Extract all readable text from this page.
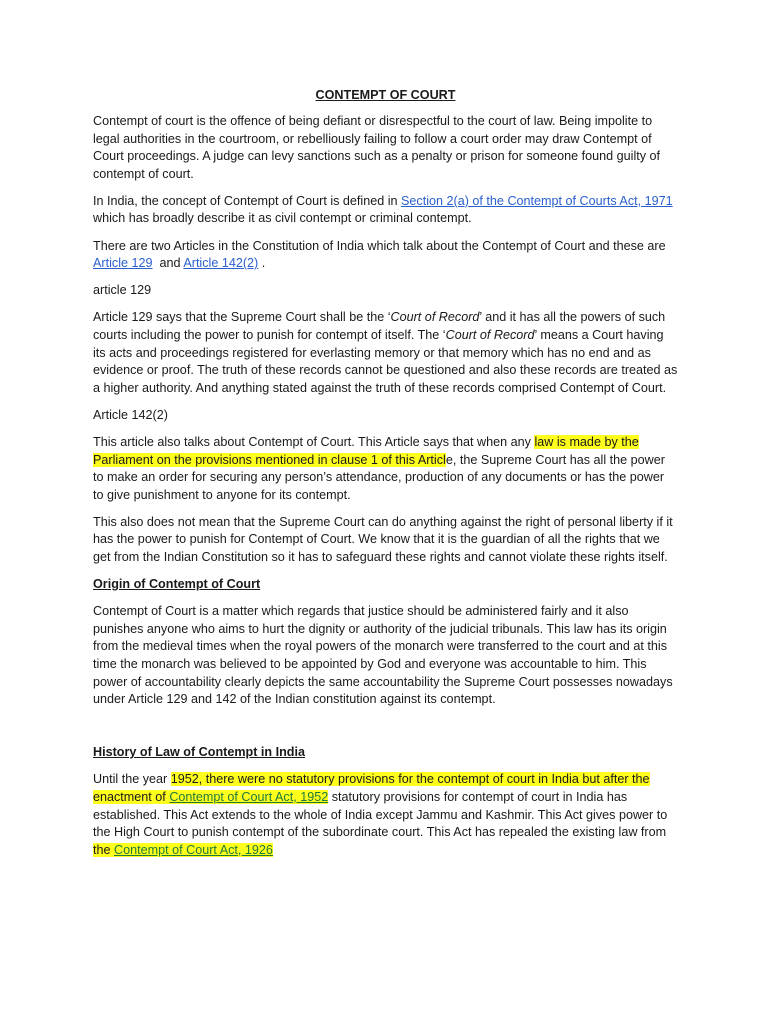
CONTEMPT OF COURT

Contempt of court is the offence of being defiant or disrespectful to the court of law. Being impolite to legal authorities in the courtroom, or rebelliously failing to follow a court order may draw Contempt of Court proceedings. A judge can levy sanctions such as a penalty or prison for someone found guilty of contempt of court.

In India, the concept of Contempt of Court is defined in Section 2(a) of the Contempt of Courts Act, 1971 which has broadly describe it as civil contempt or criminal contempt.

There are two Articles in the Constitution of India which talk about the Contempt of Court and these are Article 129  and Article 142(2) .

article 129

Article 129 says that the Supreme Court shall be the ‘Court of Record’ and it has all the powers of such courts including the power to punish for contempt of itself. The ‘Court of Record’ means a Court having its acts and proceedings registered for everlasting memory or that memory which has no end and as evidence or proof. The truth of these records cannot be questioned and also these records are treated as a higher authority. And anything stated against the truth of these records comprised Contempt of Court.

Article 142(2)

This article also talks about Contempt of Court. This Article says that when any law is made by the Parliament on the provisions mentioned in clause 1 of this Article, the Supreme Court has all the power to make an order for securing any person’s attendance, production of any documents or has the power to give punishment to anyone for its contempt.

This also does not mean that the Supreme Court can do anything against the right of personal liberty if it has the power to punish for Contempt of Court. We know that it is the guardian of all the rights that we get from the Indian Constitution so it has to safeguard these rights and cannot violate these rights itself.

Origin of Contempt of Court

Contempt of Court is a matter which regards that justice should be administered fairly and it also punishes anyone who aims to hurt the dignity or authority of the judicial tribunals. This law has its origin from the medieval times when the royal powers of the monarch were transferred to the court and at this time the monarch was believed to be appointed by God and everyone was accountable to him. This power of accountability clearly depicts the same accountability the Supreme Court possesses nowadays under Article 129 and 142 of the Indian constitution against its contempt.

History of Law of Contempt in India

Until the year 1952, there were no statutory provisions for the contempt of court in India but after the enactment of Contempt of Court Act, 1952 statutory provisions for contempt of court in India has established. This Act extends to the whole of India except Jammu and Kashmir. This Act gives power to the High Court to punish contempt of the subordinate court. This Act has repealed the existing law from the Contempt of Court Act, 1926
